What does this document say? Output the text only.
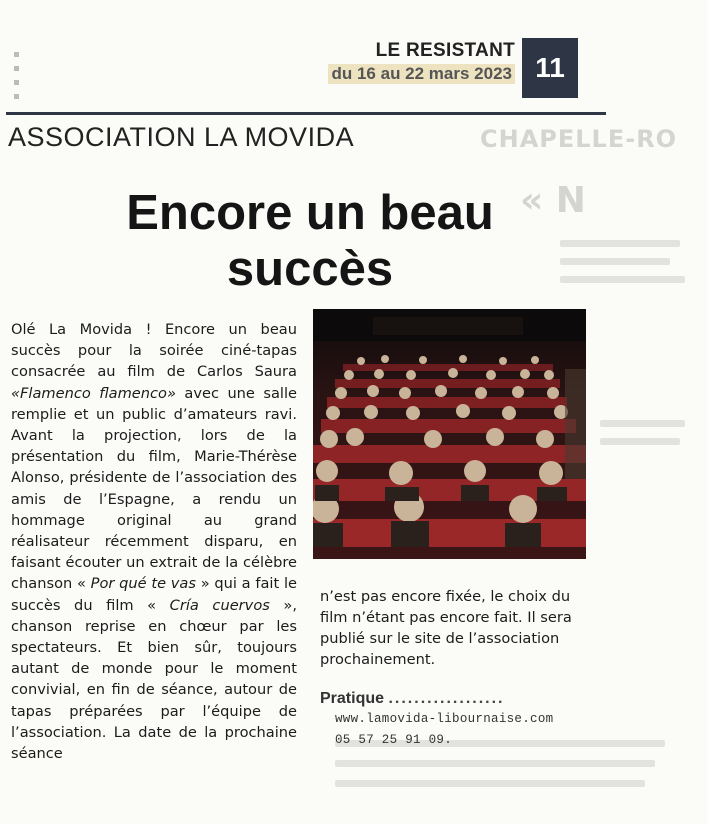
CHAPELLE-RO
« N
LE RESISTANT
du 16 au 22 mars 2023 11
ASSOCIATION LA MOVIDA
Encore un beau
succès

Olé La Movida ! Encore un beau succès pour la soirée ciné-tapas consacrée au film de Carlos Saura «Flamenco flamenco» avec une salle remplie et un public d’amateurs ravi. Avant la projection, lors de la présentation du film, Marie-Thérèse Alonso, présidente de l’association des amis de l’Espagne, a rendu un hommage original au grand réalisateur récemment disparu, en faisant écouter un extrait de la célèbre chanson « Por qué te vas » qui a fait le succès du film « Cría cuervos », chanson reprise en chœur par les spectateurs. Et bien sûr, toujours autant de monde pour le moment convivial, en fin de séance, autour de tapas préparées par l’équipe de l’association. La date de la prochaine séance

n’est pas encore fixée, le choix du film n’étant pas encore fait. Il sera publié sur le site de l’association prochainement.

Pratique ..................
www.lamovida-libournaise.com
05 57 25 91 09.
